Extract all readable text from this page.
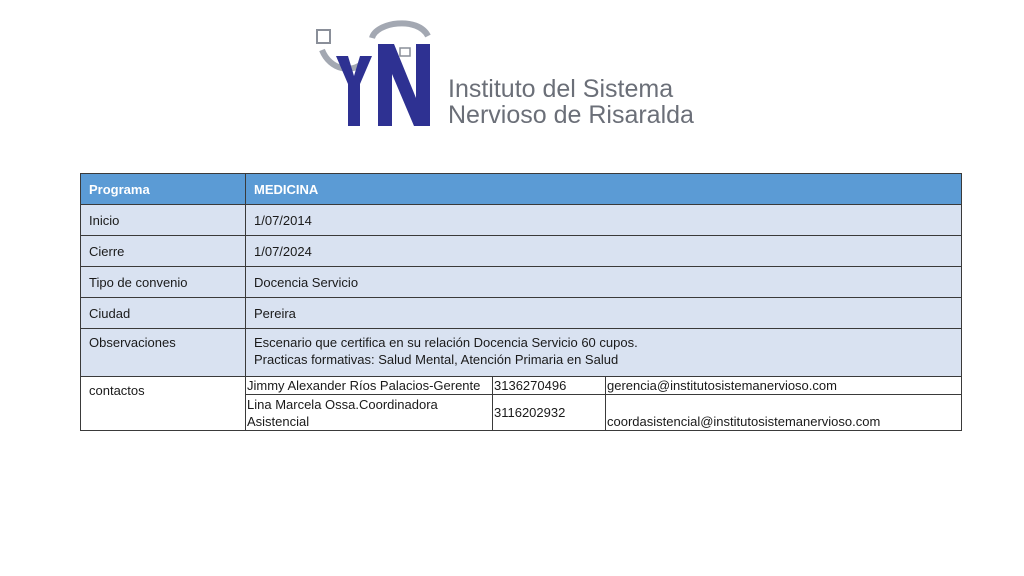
Instituto del Sistema
Nervioso de Risaralda
Programa	MEDICINA
Inicio	1/07/2014
Cierre	1/07/2024
Tipo de convenio	Docencia Servicio
Ciudad	Pereira
Observaciones	Escenario que certifica en su relación Docencia Servicio 60 cupos.
Practicas formativas: Salud Mental, Atención Primaria en Salud

contactos		Jimmy Alexander Ríos Palacios-Gerente	3136270496	gerencia@institutosistemanervioso.com
Lina Marcela Ossa.Coordinadora Asistencial	3116202932	coordasistencial@institutosistemanervioso.com
